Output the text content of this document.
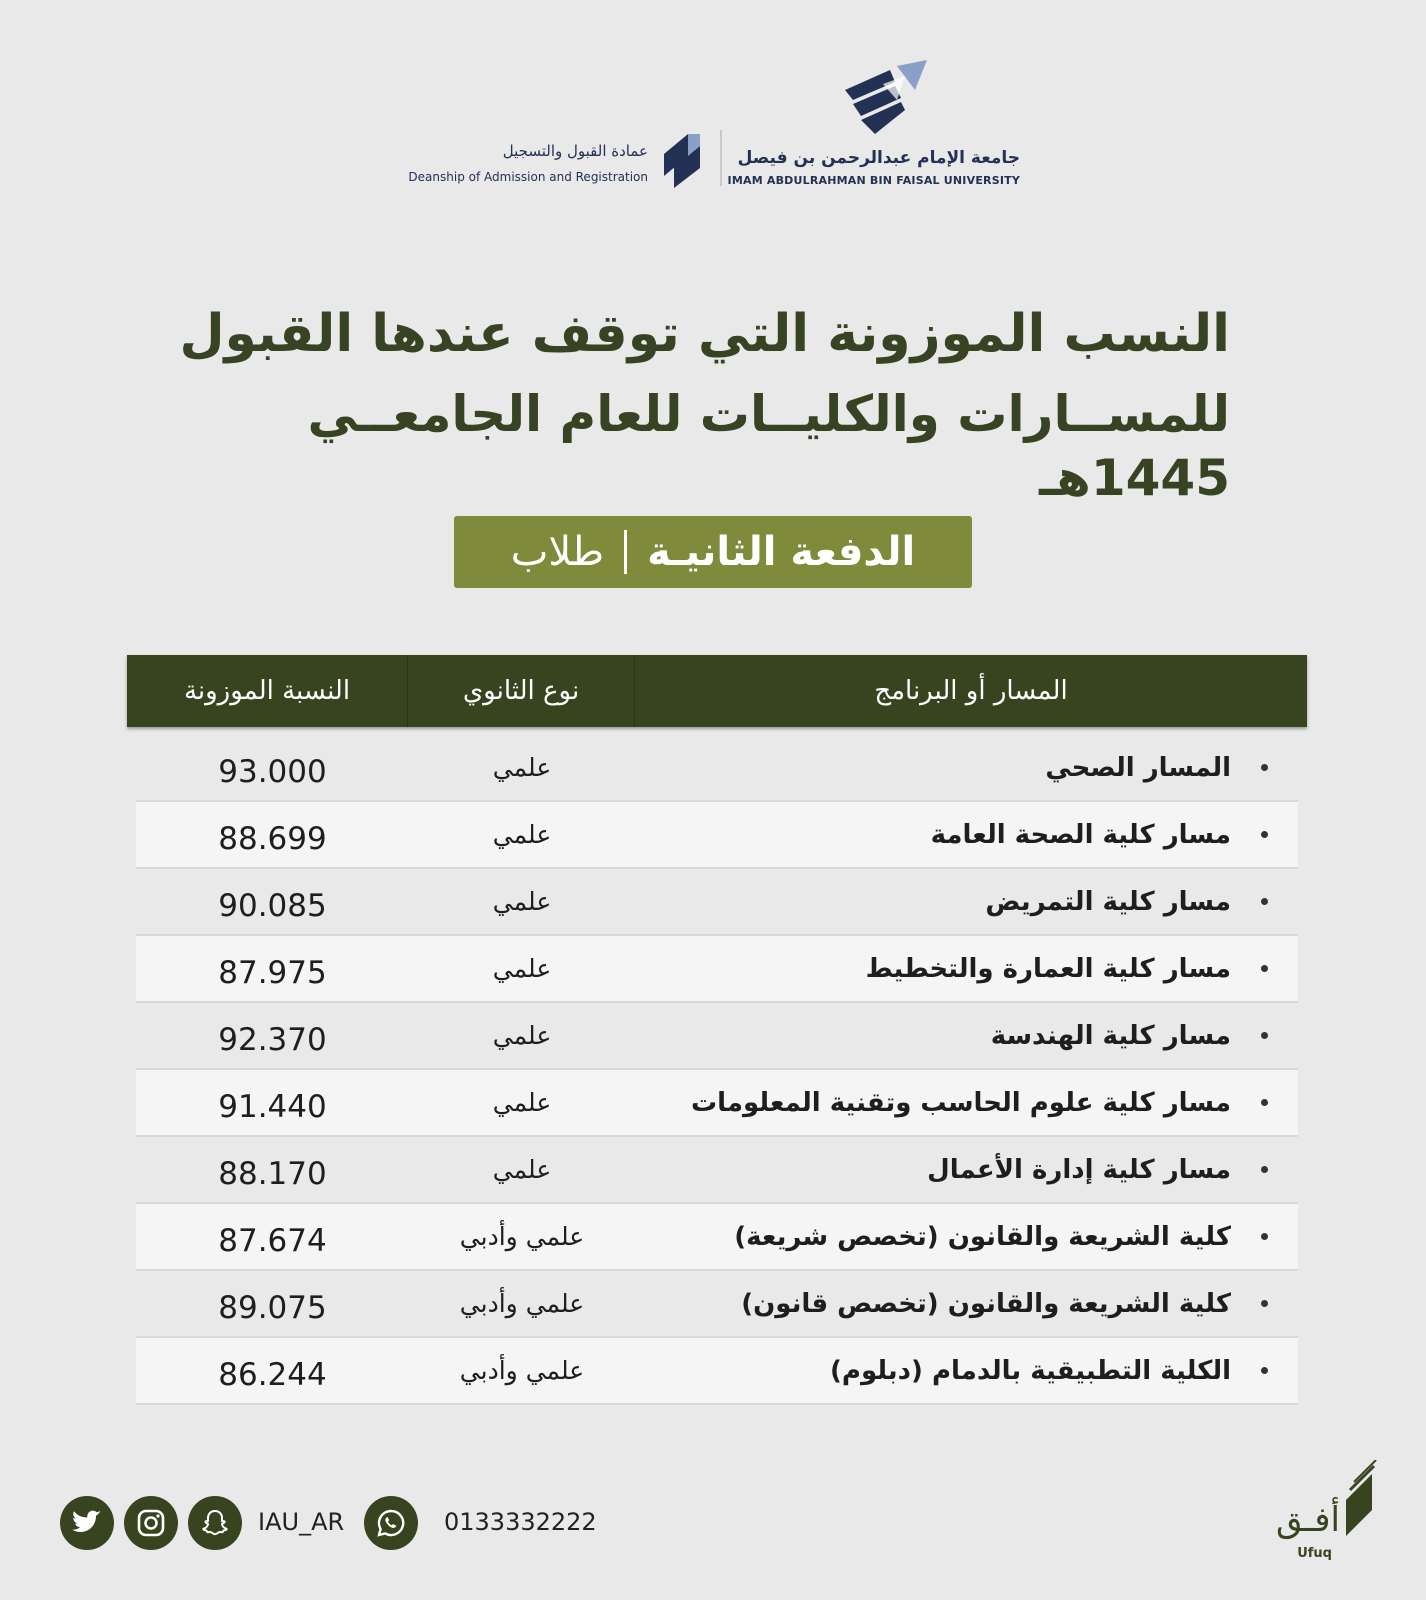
جامعة الإمام عبدالرحمن بن فيصل
IMAM ABDULRAHMAN BIN FAISAL UNIVERSITY
عمادة القبول والتسجيل
Deanship of Admission and Registration
النسب الموزونة التي توقف عندها القبول
للمســارات والكليــات للعام الجامعــي 1445هـ
الدفعة الثانيـة
طلاب
المسار أو البرنامج
نوع الثانوي
النسبة الموزونة
المسار الصحي
علمي
93.000
مسار كلية الصحة العامة
علمي
88.699
مسار كلية التمريض
علمي
90.085
مسار كلية العمارة والتخطيط
علمي
87.975
مسار كلية الهندسة
علمي
92.370
مسار كلية علوم الحاسب وتقنية المعلومات
علمي
91.440
مسار كلية إدارة الأعمال
علمي
88.170
كلية الشريعة والقانون (تخصص شريعة)
علمي وأدبي
87.674
كلية الشريعة والقانون (تخصص قانون)
علمي وأدبي
89.075
الكلية التطبيقية بالدمام (دبلوم)
علمي وأدبي
86.244
IAU_AR	0133332222	أفـق
Ufuq
